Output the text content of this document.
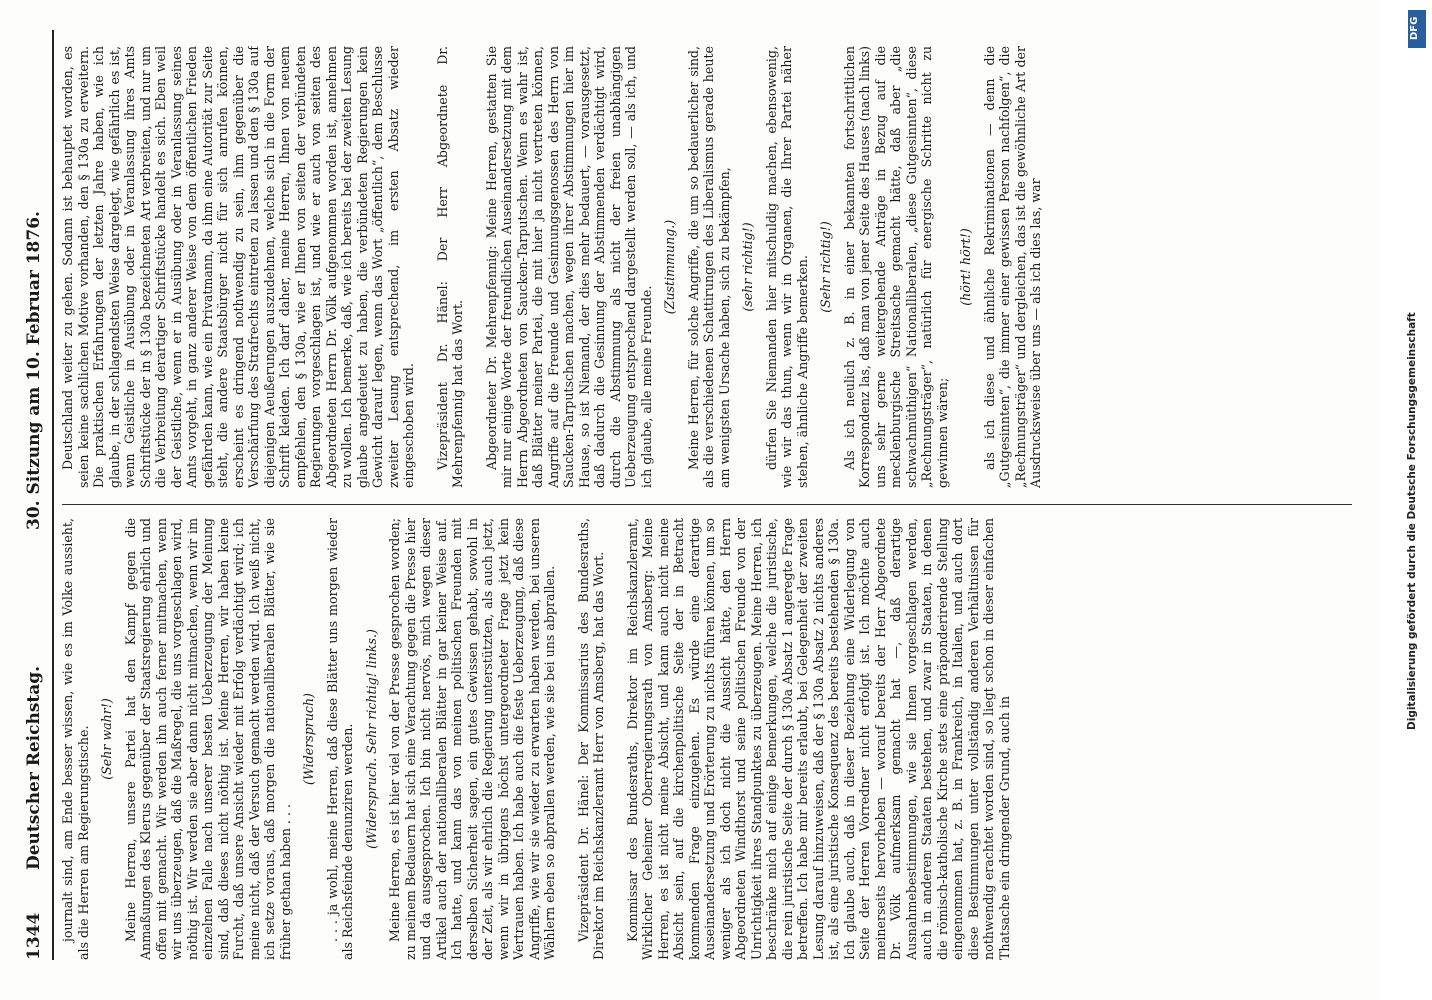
1344
Deutscher Reichstag.
30. Sitzung am 10. Februar 1876.

journalt sind, am Ende besser wissen, wie es im Volke aussieht, als die Herren am Regierungstische. (Sehr wahr!) Meine Herren, unsere Partei hat den Kampf gegen die Anmaßungen des Klerus gegenüber der Staatsregierung ehrlich und offen mit gemacht. Wir werden ihn auch ferner mitmachen, wenn wir uns überzeugen, daß die Maßregel, die uns vorgeschlagen wird, nöthig ist. Wir werden sie aber dann nicht mitmachen, wenn wir im einzelnen Falle nach unserer besten Ueberzeugung der Meinung sind, daß dieses nicht nöthig ist. Meine Herren, wir haben keine Furcht, daß unsere Ansicht wieder mit Erfolg verdächtigt wird; ich meine nicht, daß der Versuch gemacht werden wird. Ich weiß nicht, ich setze voraus, daß morgen die nationalliberalen Blätter, wie sie früher gethan haben . . .

(Widerspruch) . . . ja wohl, meine Herren, daß diese Blätter uns morgen wieder als Reichsfeinde denunziren werden. (Widerspruch. Sehr richtig! links.) Meine Herren, es ist hier viel von der Presse gesprochen worden; zu meinem Bedauern hat sich eine Verachtung gegen die Presse hier und da ausgesprochen. Ich bin nicht nervös, mich wegen dieser Artikel auch der nationalliberalen Blätter in gar keiner Weise auf. Ich hatte, und kann das von meinen politischen Freunden mit derselben Sicherheit sagen, ein gutes Gewissen gehabt, sowohl in der Zeit, als wir ehrlich die Regierung unterstützten, als auch jetzt, wenn wir in übrigens höchst untergeordneter Frage jetzt kein Vertrauen haben. Ich habe auch die feste Ueberzeugung, daß diese Angriffe, wie wir sie wieder zu erwarten haben werden, bei unseren Wählern eben so abprallen werden, wie sie bei uns abprallen. Vizepräsident Dr. Hänel: Der Kommissarius des Bundesraths, Direktor im Reichskanzleramt Herr von Amsberg, hat das Wort. Kommissar des Bundesraths, Direktor im Reichskanzleramt, Wirklicher Geheimer Oberregierungsrath von Amsberg: Meine Herren, es ist nicht meine Absicht, und kann auch nicht meine Absicht sein, auf die kirchenpolitische Seite der in Betracht kommenden Frage einzugehen. Es würde eine derartige Auseinandersetzung und Erörterung zu nichts führen können, um so weniger als ich doch nicht die Aussicht hätte, den Herrn Abgeordneten Windthorst und seine politischen Freunde von der Unrichtigkeit ihres Standpunktes zu überzeugen. Meine Herren, ich beschränke mich auf einige Bemerkungen, welche die juristische, die rein juristische Seite der durch § 130a Absatz 1 angeregte Frage betreffen. Ich habe mir bereits erlaubt, bei Gelegenheit der zweiten Lesung darauf hinzuweisen, daß der § 130a Absatz 2 nichts anderes ist, als eine juristische Konsequenz des bereits bestehenden § 130a. Ich glaube auch, daß in dieser Beziehung eine Widerlegung von Seite der Herren Vorredner nicht erfolgt ist. Ich möchte auch meinerseits hervorheben — worauf bereits der Herr Abgeordnete Dr. Völk aufmerksam gemacht hat —, daß derartige Ausnahmebestimmungen, wie sie Ihnen vorgeschlagen werden, auch in anderen Staaten bestehen, und zwar in Staaten, in denen die römisch-katholische Kirche stets eine präponderirende Stellung eingenommen hat, z. B. in Frankreich, in Italien, und auch dort diese Bestimmungen unter vollständig anderen Verhältnissen für nothwendig erachtet worden sind, so liegt schon in dieser einfachen Thatsache ein dringender Grund, auch in

Deutschland weiter zu gehen. Sodann ist behauptet worden, es seien keine sachlichen Motive vorhanden, den § 130a zu erweitern. Die praktischen Erfahrungen der letzten Jahre haben, wie ich glaube, in der schlagendsten Weise dargelegt, wie gefährlich es ist, wenn Geistliche in Ausübung oder in Veranlassung ihres Amts Schriftstücke der in § 130a bezeichneten Art verbreiten, und nur um die Verbreitung derartiger Schriftstücke handelt es sich. Eben weil der Geistliche, wenn er in Ausübung oder in Veranlassung seines Amts vorgeht, in ganz anderer Weise von dem öffentlichen Frieden gefährden kann, wie ein Privatmann, da ihm eine Autorität zur Seite steht, die andere Staatsbürger nicht für sich anrufen können, erscheint es dringend nothwendig zu sein, ihm gegenüber die Verschärfung des Strafrechts eintreten zu lassen und den § 130a auf diejenigen Aeußerungen auszudehnen, welche sich in die Form der Schrift kleiden. Ich darf daher, meine Herren, Ihnen von neuem empfehlen, den § 130a, wie er Ihnen von seiten der verbündeten Regierungen vorgeschlagen ist, und wie er auch von seiten des Abgeordneten Herrn Dr. Völk aufgenommen worden ist, annehmen zu wollen. Ich bemerke, daß, wie ich bereits bei der zweiten Lesung glaube angedeutet zu haben, die verbündeten Regierungen kein Gewicht darauf legen, wenn das Wort „öffentlich“, dem Beschlusse zweiter Lesung entsprechend, im ersten Absatz wieder eingeschoben wird. Vizepräsident Dr. Hänel: Der Herr Abgeordnete Dr. Mehrenpfennig hat das Wort. Abgeordneter Dr. Mehrenpfennig: Meine Herren, gestatten Sie mir nur einige Worte der freundlichen Auseinandersetzung mit dem Herrn Abgeordneten von Saucken-Tarputschen. Wenn es wahr ist, daß Blätter meiner Partei, die mit hier ja nicht vertreten können, Angriffe auf die Freunde und Gesinnungsgenossen des Herrn von Saucken-Tarputschen machen, wegen ihrer Abstimmungen hier im Hause, so ist Niemand, der dies mehr bedauert, — vorausgesetzt, daß dadurch die Gesinnung der Abstimmenden verdächtigt wird, durch die Abstimmung als nicht der freien unabhängigen Ueberzeugung entsprechend dargestellt werden soll, — als ich, und ich glaube, alle meine Freunde.

(Zustimmung.) Meine Herren, für solche Angriffe, die um so bedauerlicher sind, als die verschiedenen Schattirungen des Liberalismus gerade heute am wenigsten Ursache haben, sich zu bekämpfen, (sehr richtig!) dürfen Sie Niemanden hier mitschuldig machen, ebensowenig, wie wir das thun, wenn wir in Organen, die Ihrer Partei näher stehen, ähnliche Angriffe bemerken. (Sehr richtig!) Als ich neulich z. B. in einer bekannten fortschrittlichen Korrespondenz las, daß man von jener Seite des Hauses (nach links) uns sehr gerne weitergehende Anträge in Bezug auf die mecklenburgische Streitsache gemacht hätte, daß aber „die schwachmüthigen“ Nationalliberalen, „diese Gutgesinnten“, diese „Rechnungsträger“, natürlich für energische Schritte nicht zu gewinnen wären;

(hört! hört!) als ich diese und ähnliche Rekriminationen — denn die „Gutgesinnten“, die immer einer gewissen Person nachfolgen“, die „Rechnungsträger“ und dergleichen, das ist die gewöhnliche Art der Ausdrucksweise über uns — als ich dies las, war

DFG
Digitalisierung gefördert durch die Deutsche Forschungsgemeinschaft
